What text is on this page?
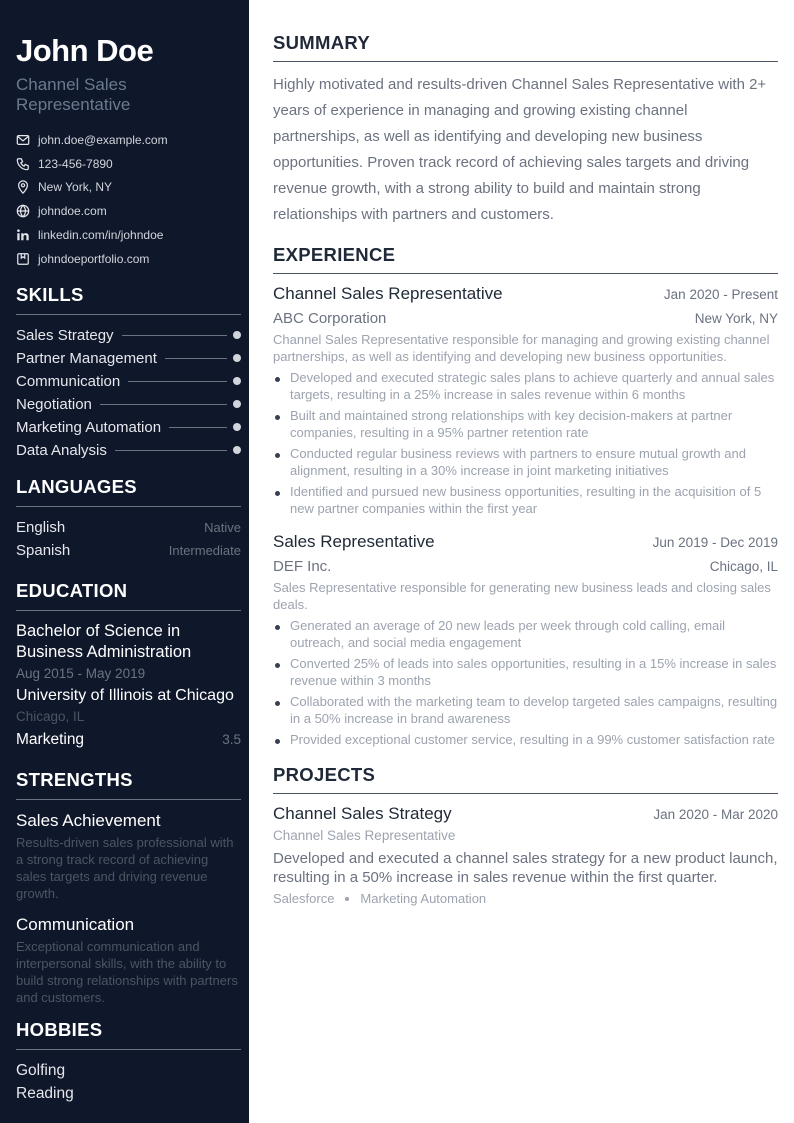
John Doe
Channel Sales Representative
john.doe@example.com
123-456-7890
New York, NY
johndoe.com
linkedin.com/in/johndoe
johndoeportfolio.com
SKILLS
Sales Strategy
Partner Management
Communication
Negotiation
Marketing Automation
Data Analysis
LANGUAGES
English	Native
Spanish	Intermediate
EDUCATION
Bachelor of Science in Business Administration
Aug 2015 - May 2019
University of Illinois at Chicago
Chicago, IL
Marketing	3.5
STRENGTHS
Sales Achievement
Results-driven sales professional with a strong track record of achieving sales targets and driving revenue growth.
Communication
Exceptional communication and interpersonal skills, with the ability to build strong relationships with partners and customers.
HOBBIES
Golfing
Reading
SUMMARY

Highly motivated and results-driven Channel Sales Representative with 2+ years of experience in managing and growing existing channel partnerships, as well as identifying and developing new business opportunities. Proven track record of achieving sales targets and driving revenue growth, with a strong ability to build and maintain strong relationships with partners and customers.

EXPERIENCE
Channel Sales Representative	Jan 2020 - Present
ABC Corporation	New York, NY
Channel Sales Representative responsible for managing and growing existing channel partnerships, as well as identifying and developing new business opportunities.
Developed and executed strategic sales plans to achieve quarterly and annual sales targets, resulting in a 25% increase in sales revenue within 6 months
Built and maintained strong relationships with key decision-makers at partner companies, resulting in a 95% partner retention rate
Conducted regular business reviews with partners to ensure mutual growth and alignment, resulting in a 30% increase in joint marketing initiatives
Identified and pursued new business opportunities, resulting in the acquisition of 5 new partner companies within the first year
Sales Representative	Jun 2019 - Dec 2019
DEF Inc.	Chicago, IL
Sales Representative responsible for generating new business leads and closing sales deals.
Generated an average of 20 new leads per week through cold calling, email outreach, and social media engagement
Converted 25% of leads into sales opportunities, resulting in a 15% increase in sales revenue within 3 months
Collaborated with the marketing team to develop targeted sales campaigns, resulting in a 50% increase in brand awareness
Provided exceptional customer service, resulting in a 99% customer satisfaction rate
PROJECTS
Channel Sales Strategy	Jan 2020 - Mar 2020
Channel Sales Representative
Developed and executed a channel sales strategy for a new product launch, resulting in a 50% increase in sales revenue within the first quarter.
Salesforce Marketing Automation
